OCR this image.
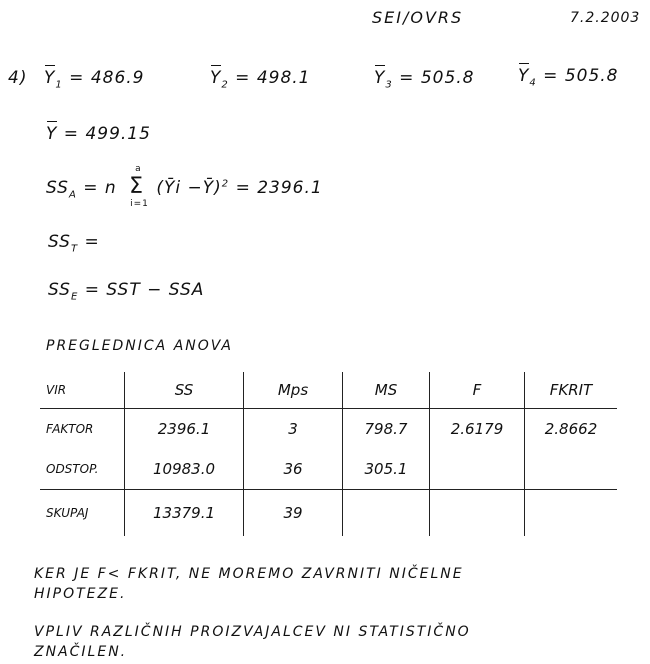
SEI/OVRS	7.2.2003
4) $Y_1 = 486.9$	$Y_2 = 498.1$	$Y_3 = 505.8$	$Y_4 = 505.8$
Y = 499.15
$SS_A = n$ Σ
a
i=1
(Ȳi −Ȳ)$^2$ = 2396.1
$SS_T$ =
$SS_E$ = SST − SSA
PREGLEDNICA ANOVA
VIR	SS	Mps	MS	F	FKRIT
FAKTOR	2396.1	3	798.7	2.6179	2.8662
ODSTOP.	10983.0	36	305.1		
SKUPAJ	13379.1	39			
KER JE F< FKRIT, NE MOREMO ZAVRNITI NIČELNE
HIPOTEZE.
VPLIV RAZLIČNIH PROIZVAJALCEV NI STATISTIČNO
ZNAČILEN.
